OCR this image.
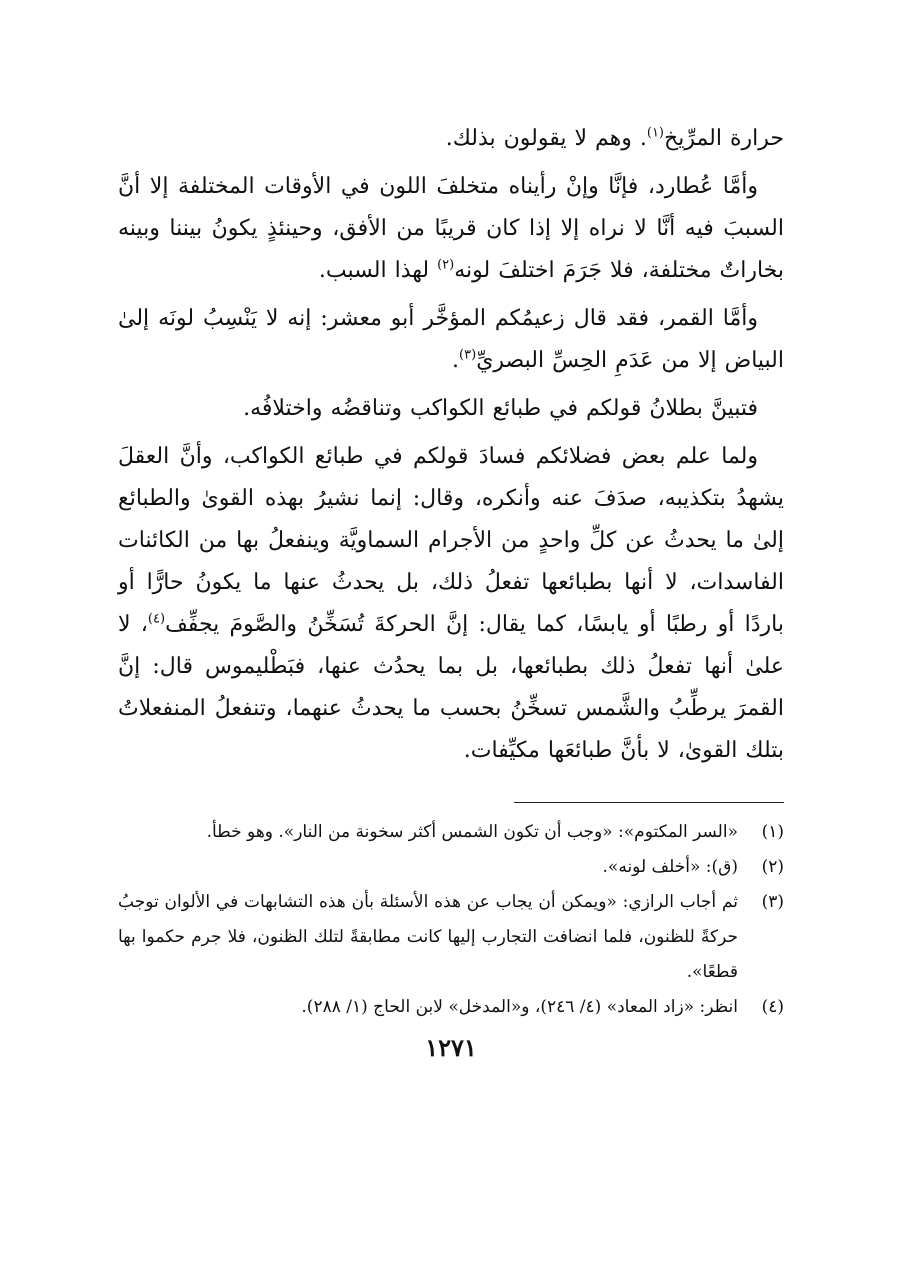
حرارة المرِّيخ$^{(١)}$. وهم لا يقولون بذلك.

وأمَّا عُطارد، فإنَّا وإنْ رأيناه متخلفَ اللون في الأوقات المختلفة إلا أنَّ السببَ فيه أنَّا لا نراه إلا إذا كان قريبًا من الأفق، وحينئذٍ يكونُ بيننا وبينه بخاراتٌ مختلفة، فلا جَرَمَ اختلفَ لونه$^{(٢)}$ لهذا السبب.

وأمَّا القمر، فقد قال زعيمُكم المؤخَّر أبو معشر: إنه لا يَنْسِبُ لونَه إلىٰ البياض إلا من عَدَمِ الحِسِّ البصريِّ$^{(٣)}$.

فتبينَّ بطلانُ قولكم في طبائع الكواكب وتناقضُه واختلافُه.

ولما علم بعض فضلائكم فسادَ قولكم في طبائع الكواكب، وأنَّ العقلَ يشهدُ بتكذيبه، صدَفَ عنه وأنكره، وقال: إنما نشيرُ بهذه القوىٰ والطبائع إلىٰ ما يحدثُ عن كلِّ واحدٍ من الأجرام السماويَّة وينفعلُ بها من الكائنات الفاسدات، لا أنها بطبائعها تفعلُ ذلك، بل يحدثُ عنها ما يكونُ حارًّا أو باردًا أو رطبًا أو يابسًا، كما يقال: إنَّ الحركةَ تُسَخِّنُ والصَّومَ يجفِّف$^{(٤)}$، لا علىٰ أنها تفعلُ ذلك بطبائعها، بل بما يحدُث عنها، فبَطْليموس قال: إنَّ القمرَ يرطِّبُ والشَّمس تسخِّنُ بحسب ما يحدثُ عنهما، وتنفعلُ المنفعلاتُ بتلك القوىٰ، لا بأنَّ طبائعَها مكيِّفات.

(١)
«السر المكتوم»: «وجب أن تكون الشمس أكثر سخونة من النار». وهو خطأ.
(٢)
(ق): «أخلف لونه».
(٣)
ثم أجاب الرازي: «ويمكن أن يجاب عن هذه الأسئلة بأن هذه التشابهات في الألوان توجبُ حركةً للظنون، فلما انضافت التجارب إليها كانت مطابقةً لتلك الظنون، فلا جرم حكموا بها قطعًا».
(٤)
انظر: «زاد المعاد» (٤/ ٢٤٦)، و«المدخل» لابن الحاج (١/ ٢٨٨).
١٢٧١
